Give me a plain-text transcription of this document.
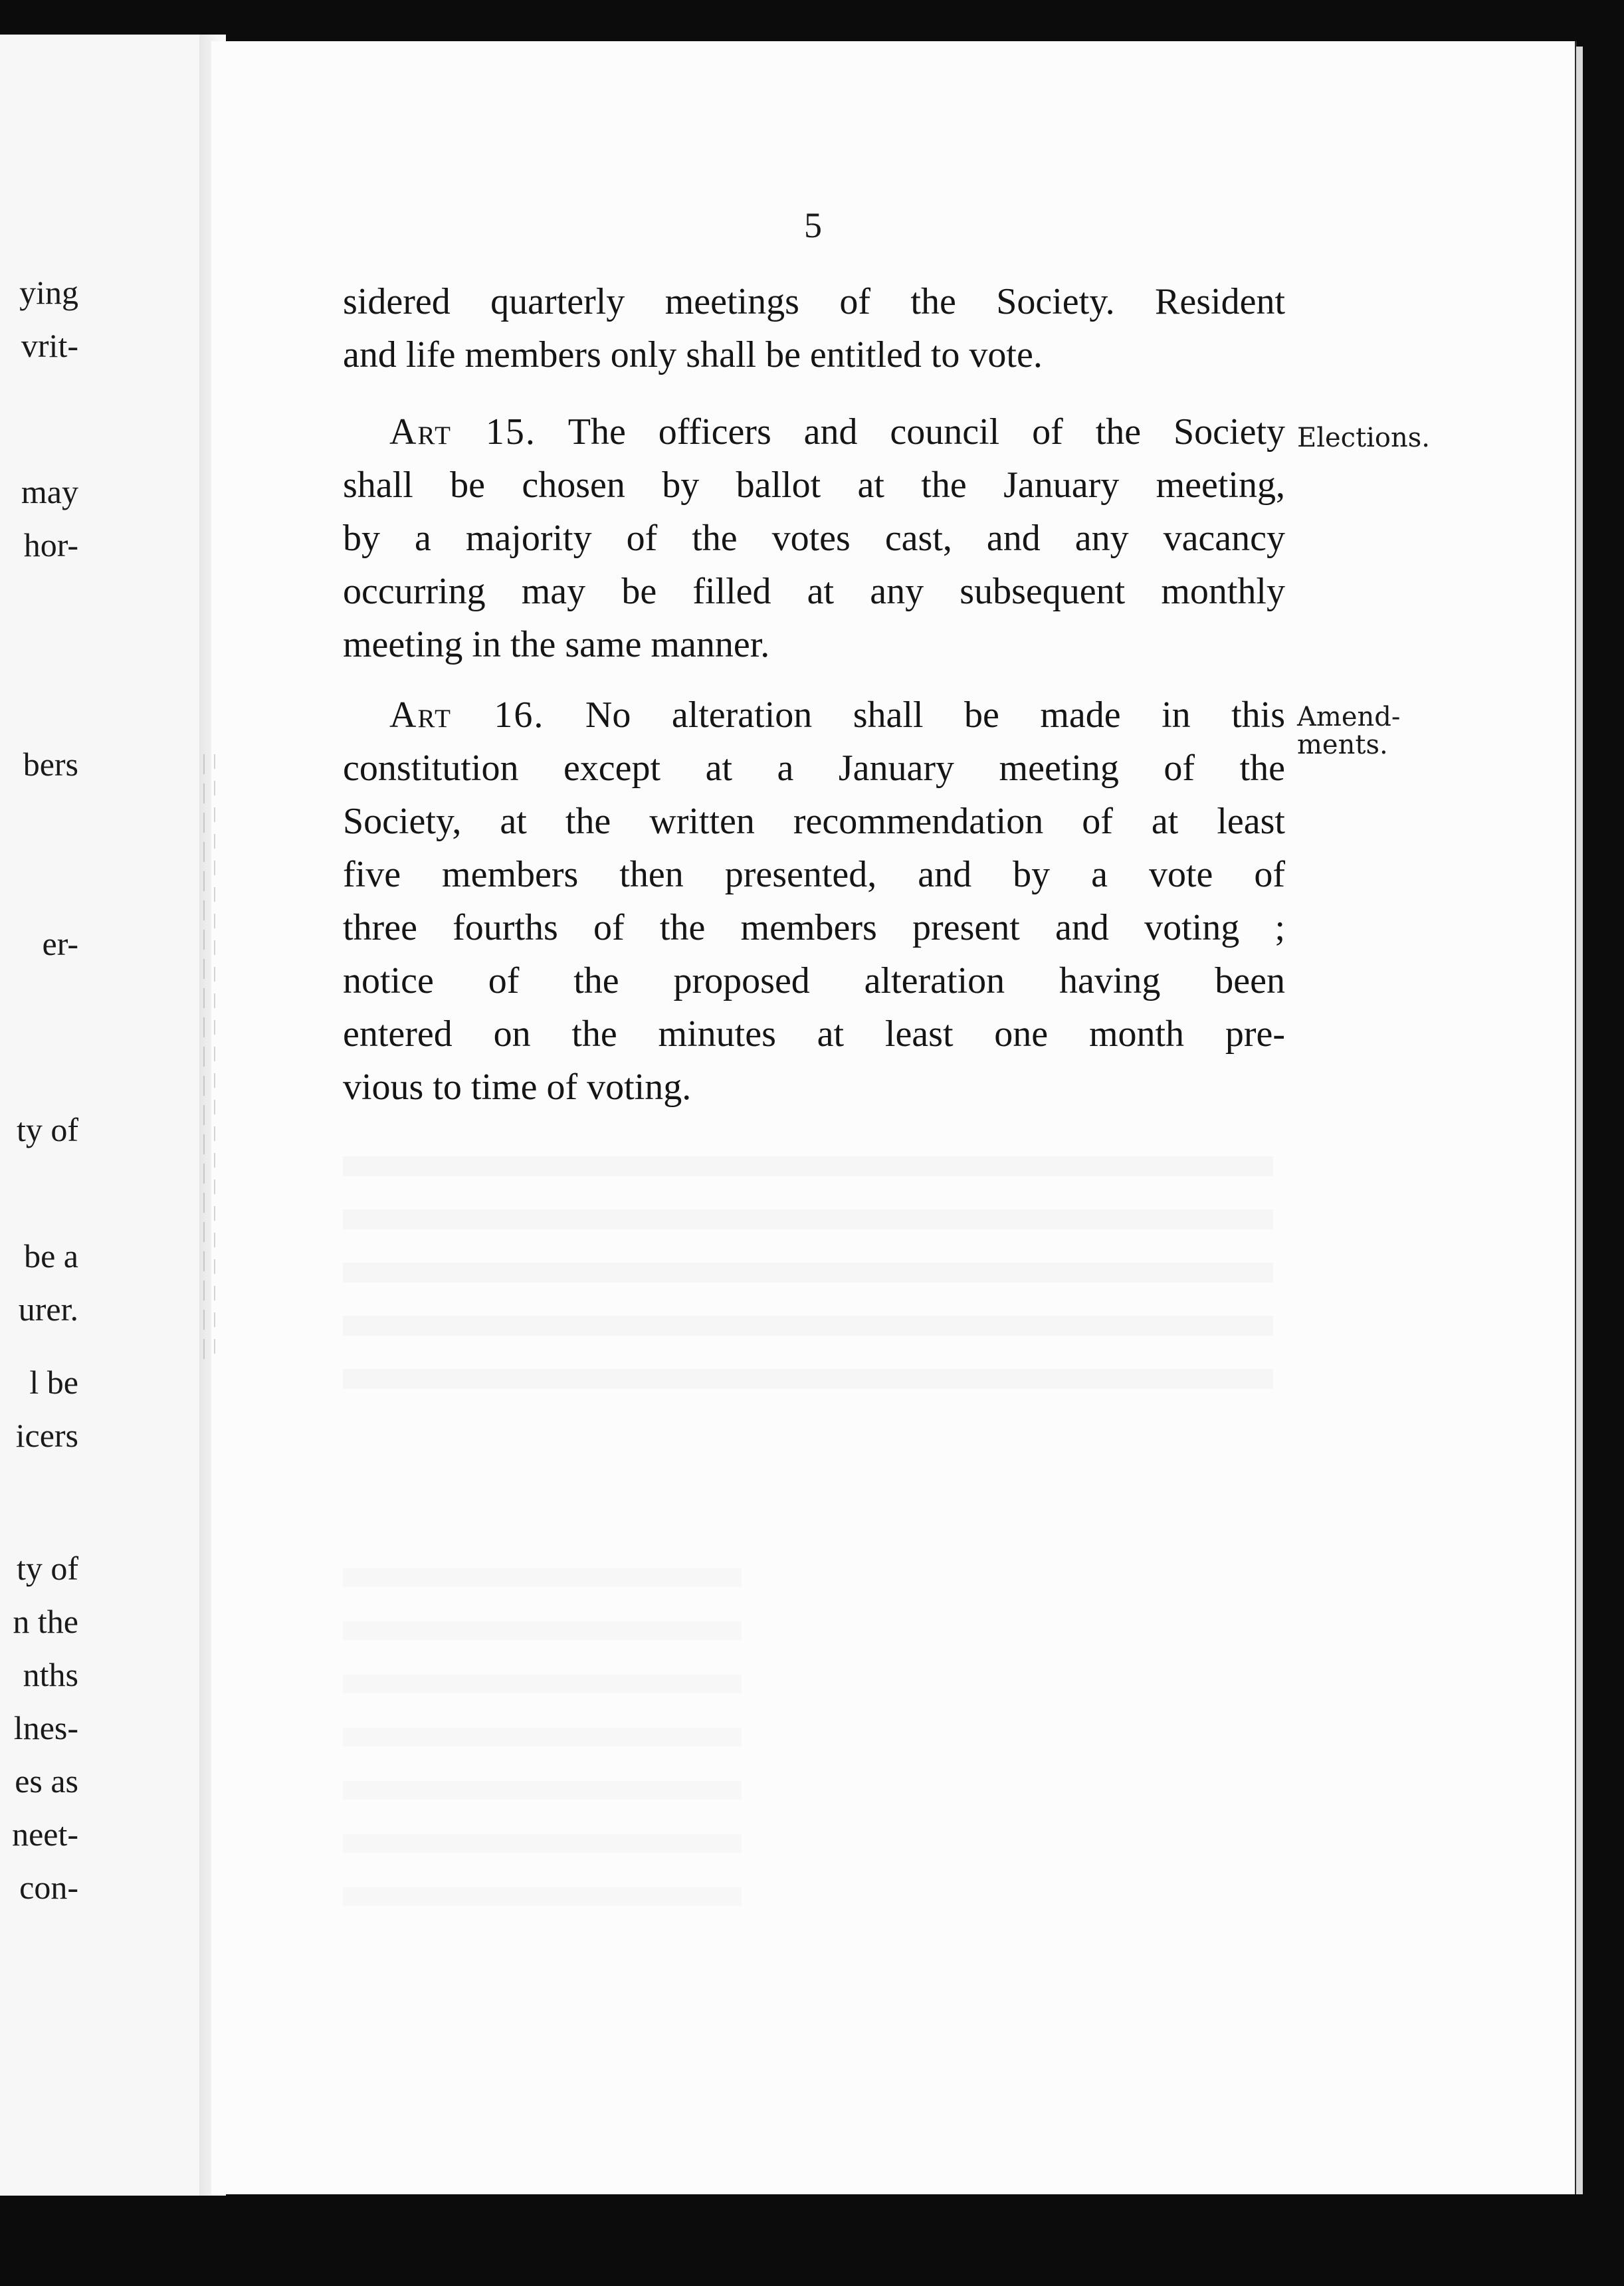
ying
vrit-
may
hor-
bers
er-
ty of
be a
urer.
l be
icers
ty of
n the
nths
lnes-
es as
neet-
con-
5
sidered quarterly meetings of the Society. Resident
and life members only shall be entitled to vote.
Art 15. The officers and council of the Society
shall be chosen by ballot at the January meeting,
by a majority of the votes cast, and any vacancy
occurring may be filled at any subsequent monthly
meeting in the same manner.
Elections.
Art 16. No alteration shall be made in this
constitution except at a January meeting of the
Society, at the written recommendation of at least
five members then presented, and by a vote of
three fourths of the members present and voting ;
notice of the proposed alteration having been
entered on the minutes at least one month pre-
vious to time of voting.
Amend-
ments.
